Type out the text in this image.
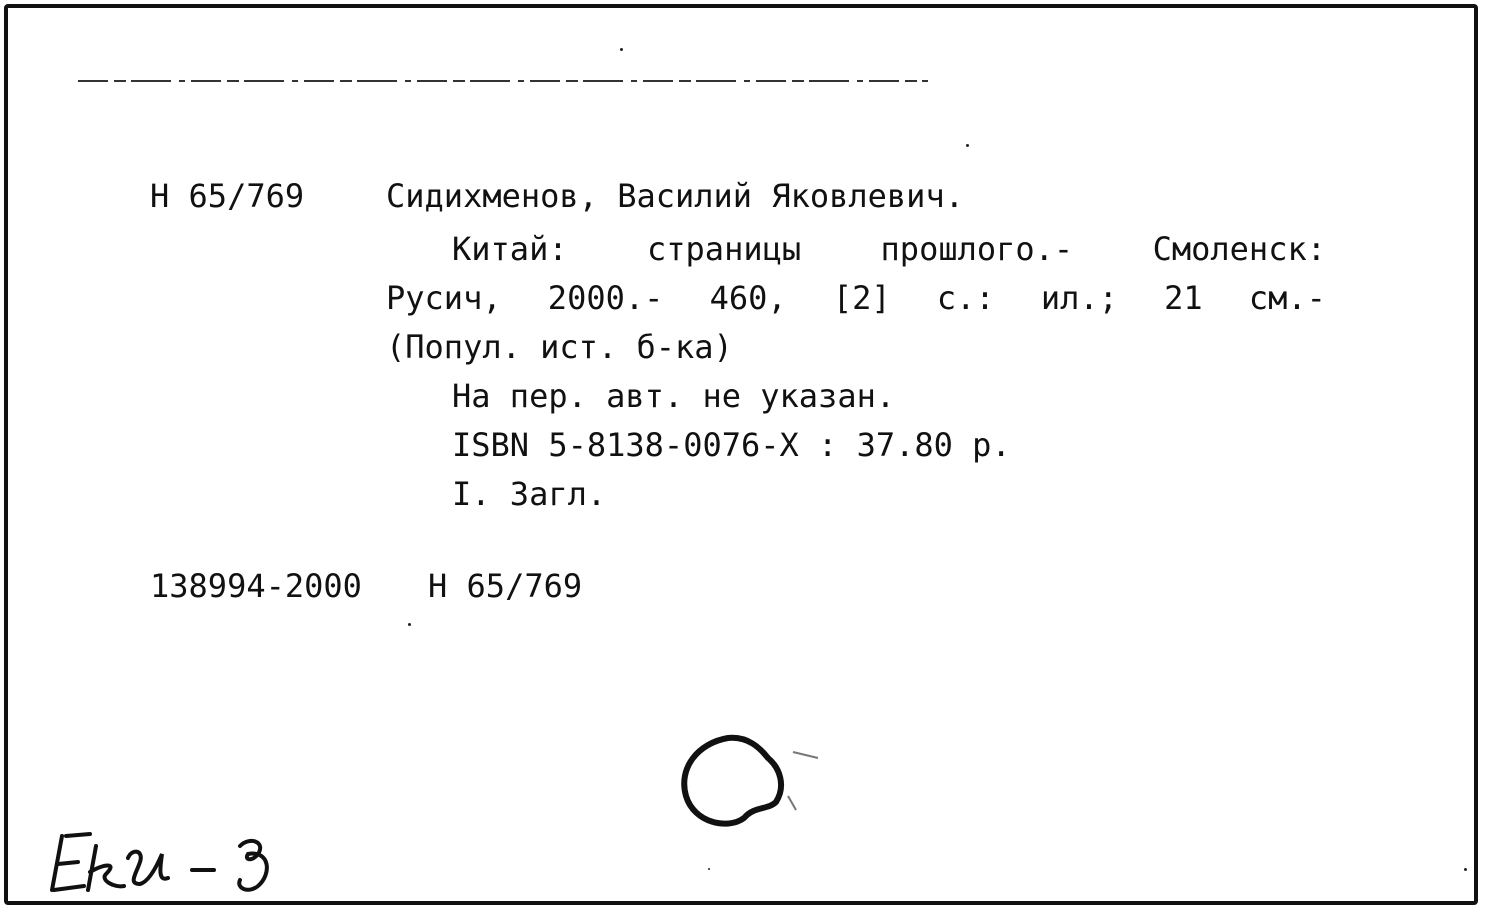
Н 65/769	Сидихменов, Василий Яковлевич.
Китай: страницы прошлого.- Смоленск:
Русич, 2000.- 460, [2] с.: ил.; 21 см.-
(Попул. ист. б-ка)
На пер. авт. не указан.
ISBN 5-8138-0076-X : 37.80 р.
I. Загл.
138994-2000 Н 65/769
